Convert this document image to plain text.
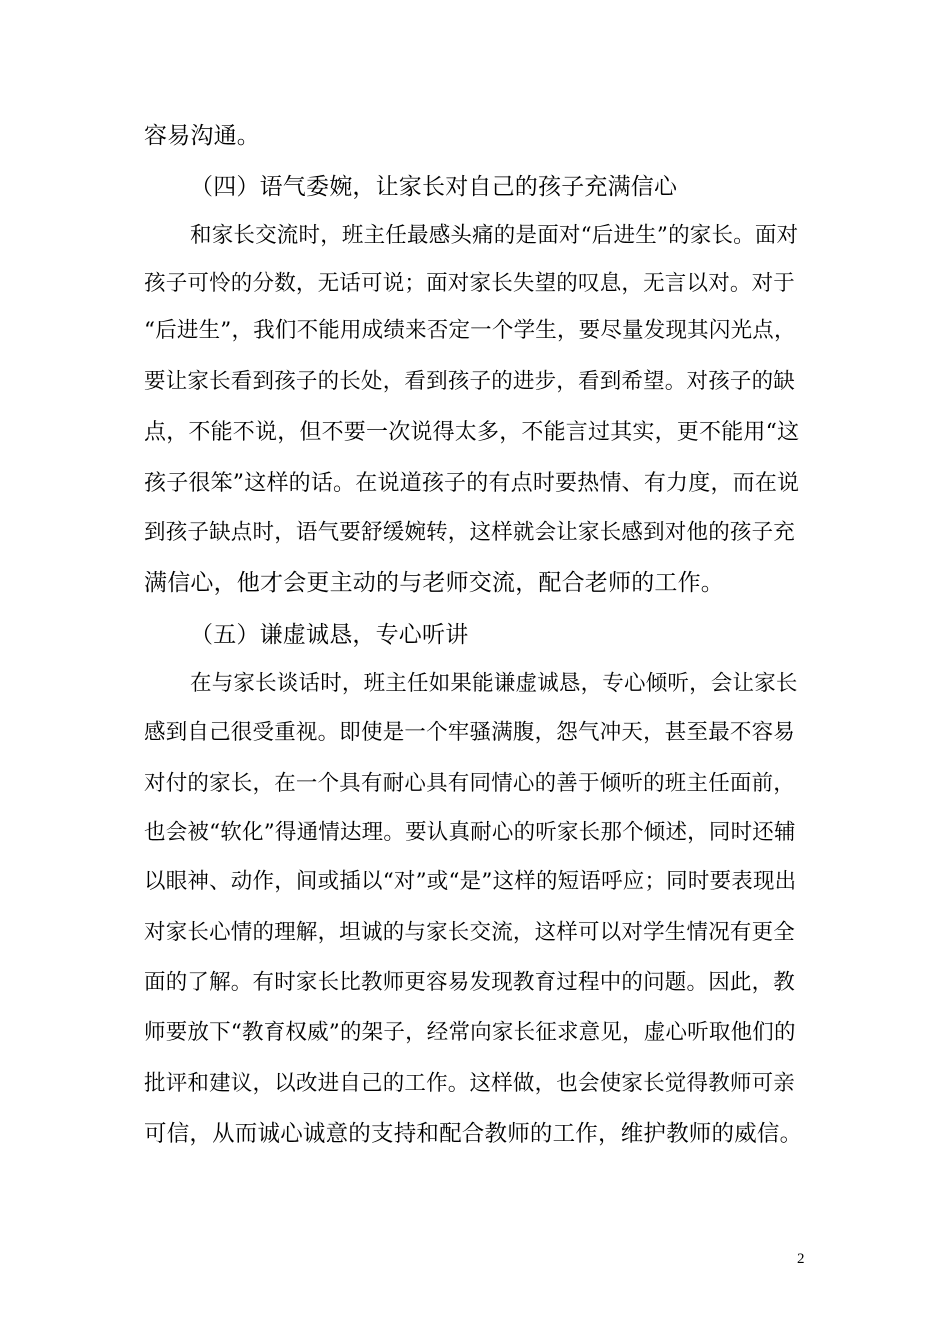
容易沟通。
（四）语气委婉，让家长对自己的孩子充满信心
和家长交流时，班主任最感头痛的是面对“后进生”的家长。面对
孩子可怜的分数，无话可说；面对家长失望的叹息，无言以对。对于
“后进生”，我们不能用成绩来否定一个学生，要尽量发现其闪光点，
要让家长看到孩子的长处，看到孩子的进步，看到希望。对孩子的缺
点，不能不说，但不要一次说得太多，不能言过其实，更不能用“这
孩子很笨”这样的话。在说道孩子的有点时要热情、有力度，而在说
到孩子缺点时，语气要舒缓婉转，这样就会让家长感到对他的孩子充
满信心，他才会更主动的与老师交流，配合老师的工作。
（五）谦虚诚恳，专心听讲
在与家长谈话时，班主任如果能谦虚诚恳，专心倾听，会让家长
感到自己很受重视。即使是一个牢骚满腹，怨气冲天，甚至最不容易
对付的家长，在一个具有耐心具有同情心的善于倾听的班主任面前，
也会被“软化”得通情达理。要认真耐心的听家长那个倾述，同时还辅
以眼神、动作，间或插以“对”或“是”这样的短语呼应；同时要表现出
对家长心情的理解，坦诚的与家长交流，这样可以对学生情况有更全
面的了解。有时家长比教师更容易发现教育过程中的问题。因此，教
师要放下“教育权威”的架子，经常向家长征求意见，虚心听取他们的
批评和建议，以改进自己的工作。这样做，也会使家长觉得教师可亲
可信，从而诚心诚意的支持和配合教师的工作，维护教师的威信。
2
